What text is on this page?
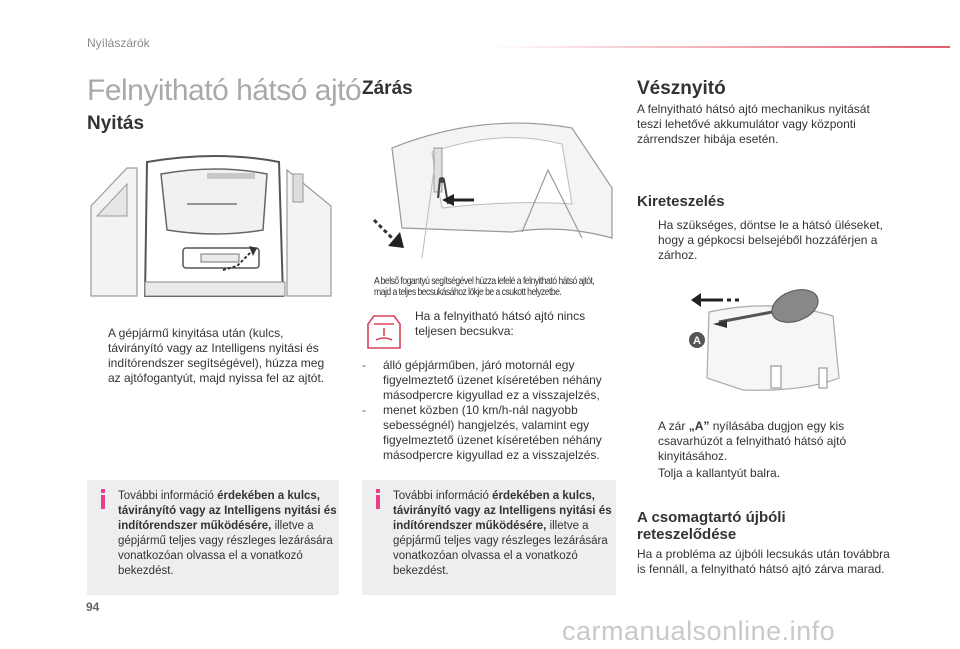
Nyílászárók
Felnyitható hátsó ajtó
Nyitás
A gépjármű kinyitása után (kulcs, távirányító vagy az Intelligens nyitási és indítórendszer segítségével), húzza meg az ajtófogantyút, majd nyissa fel az ajtót.
További információ érdekében a kulcs, távirányító vagy az Intelligens nyitási és indítórendszer működésére, illetve a gépjármű teljes vagy részleges lezárására vonatkozóan olvassa el a vonatkozó bekezdést.
Zárás
A belső fogantyú segítségével húzza lefelé a felnyitható hátsó ajtót, majd a teljes becsukásához lökje be a csukott helyzetbe.
Ha a felnyitható hátsó ajtó nincs teljesen becsukva:
-	álló gépjárműben, járó motornál egy figyelmeztető üzenet kíséretében néhány másodpercre kigyullad ez a visszajelzés,
-	menet közben (10 km/h-nál nagyobb sebességnél) hangjelzés, valamint egy figyelmeztető üzenet kíséretében néhány másodpercre kigyullad ez a visszajelzés.
További információ érdekében a kulcs, távirányító vagy az Intelligens nyitási és indítórendszer működésére, illetve a gépjármű teljes vagy részleges lezárására vonatkozóan olvassa el a vonatkozó bekezdést.
Vésznyitó
A felnyitható hátsó ajtó mechanikus nyitását teszi lehetővé akkumulátor vagy központi zárrendszer hibája esetén.
Kireteszelés
Ha szükséges, döntse le a hátsó üléseket, hogy a gépkocsi belsejéből hozzáférjen a zárhoz.
A
A zár „A” nyílásába dugjon egy kis csavarhúzót a felnyitható hátsó ajtó kinyitásához.
Tolja a kallantyút balra.
A csomagtartó újbóli reteszelődése
Ha a probléma az újbóli lecsukás után továbbra is fennáll, a felnyitható hátsó ajtó zárva marad.
94
carmanualsonline.info
